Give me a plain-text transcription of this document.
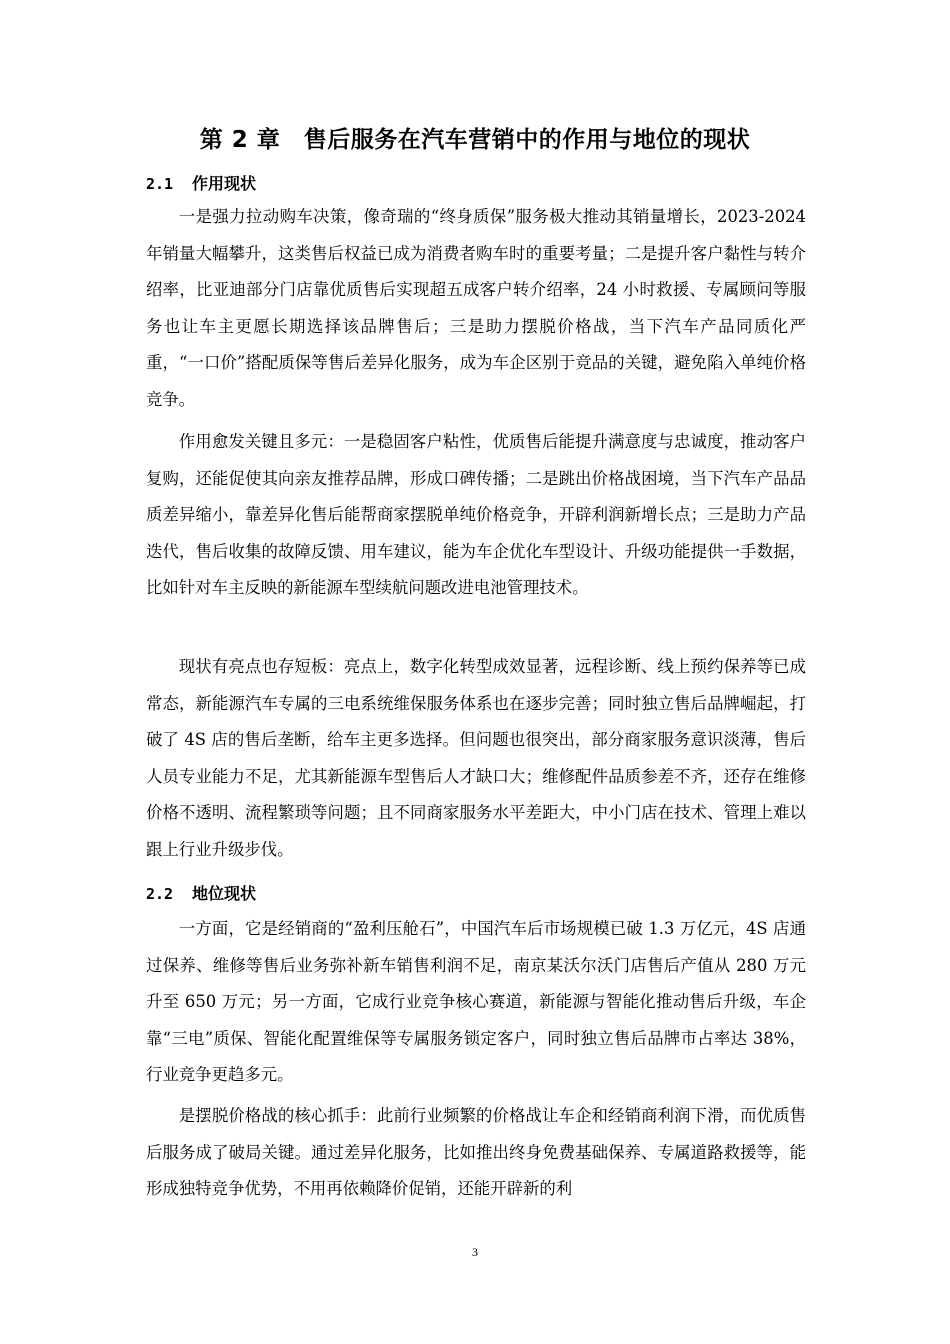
第 2 章　售后服务在汽车营销中的作用与地位的现状
2.1 作用现状

一是强力拉动购车决策，像奇瑞的“终身质保”服务极大推动其销量增长，2023-2024 年销量大幅攀升，这类售后权益已成为消费者购车时的重要考量；二是提升客户黏性与转介绍率，比亚迪部分门店靠优质售后实现超五成客户转介绍率，24 小时救援、专属顾问等服务也让车主更愿长期选择该品牌售后；三是助力摆脱价格战，当下汽车产品同质化严重，“一口价”搭配质保等售后差异化服务，成为车企区别于竞品的关键，避免陷入单纯价格竞争。

作用愈发关键且多元：一是稳固客户粘性，优质售后能提升满意度与忠诚度，推动客户复购，还能促使其向亲友推荐品牌，形成口碑传播；二是跳出价格战困境，当下汽车产品品质差异缩小，靠差异化售后能帮商家摆脱单纯价格竞争，开辟利润新增长点；三是助力产品迭代，售后收集的故障反馈、用车建议，能为车企优化车型设计、升级功能提供一手数据，比如针对车主反映的新能源车型续航问题改进电池管理技术。

现状有亮点也存短板：亮点上，数字化转型成效显著，远程诊断、线上预约保养等已成常态，新能源汽车专属的三电系统维保服务体系也在逐步完善；同时独立售后品牌崛起，打破了 4S 店的售后垄断，给车主更多选择。但问题也很突出，部分商家服务意识淡薄，售后人员专业能力不足，尤其新能源车型售后人才缺口大；维修配件品质参差不齐，还存在维修价格不透明、流程繁琐等问题；且不同商家服务水平差距大，中小门店在技术、管理上难以跟上行业升级步伐。

2.2 地位现状

一方面，它是经销商的“盈利压舱石”，中国汽车后市场规模已破 1.3 万亿元，4S 店通过保养、维修等售后业务弥补新车销售利润不足，南京某沃尔沃门店售后产值从 280 万元升至 650 万元；另一方面，它成行业竞争核心赛道，新能源与智能化推动售后升级，车企靠“三电”质保、智能化配置维保等专属服务锁定客户，同时独立售后品牌市占率达 38%，行业竞争更趋多元。

是摆脱价格战的核心抓手：此前行业频繁的价格战让车企和经销商利润下滑，而优质售后服务成了破局关键。通过差异化服务，比如推出终身免费基础保养、专属道路救援等，能形成独特竞争优势，不用再依赖降价促销，还能开辟新的利

3
